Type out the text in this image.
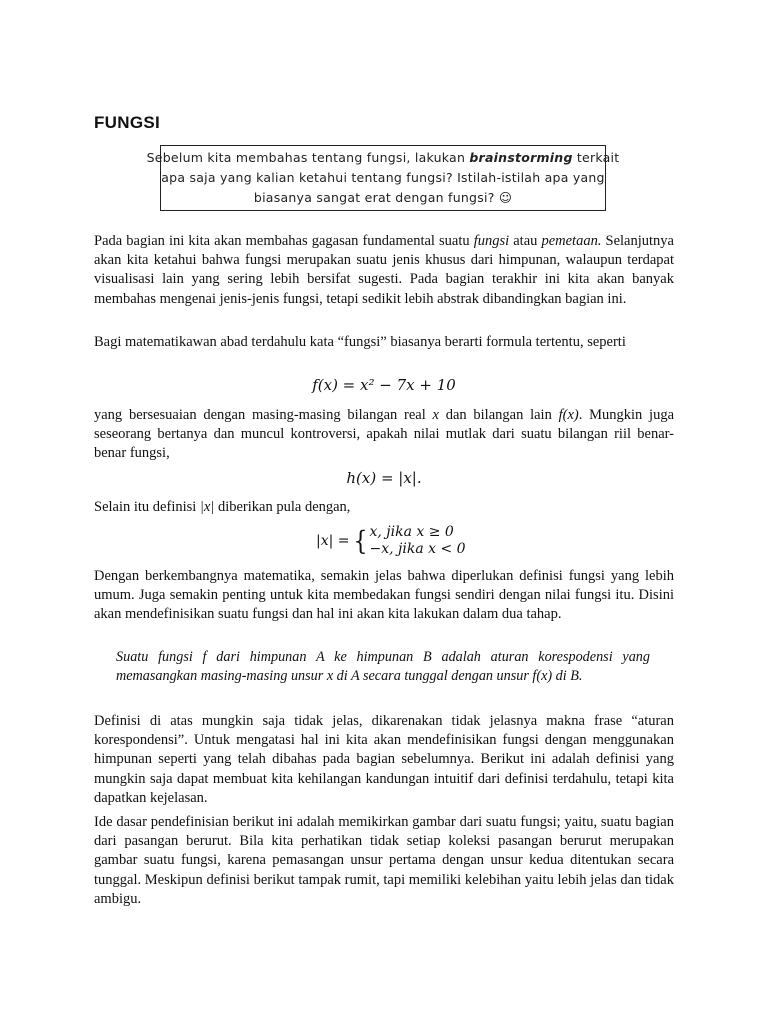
FUNGSI
Sebelum kita membahas tentang fungsi, lakukan brainstorming terkait
apa saja yang kalian ketahui tentang fungsi? Istilah-istilah apa yang
biasanya sangat erat dengan fungsi? ☺

Pada bagian ini kita akan membahas gagasan fundamental suatu fungsi atau pemetaan. Selanjutnya akan kita ketahui bahwa fungsi merupakan suatu jenis khusus dari himpunan, walaupun terdapat visualisasi lain yang sering lebih bersifat sugesti. Pada bagian terakhir ini kita akan banyak membahas mengenai jenis-jenis fungsi, tetapi sedikit lebih abstrak dibandingkan bagian ini.

Bagi matematikawan abad terdahulu kata “fungsi” biasanya berarti formula tertentu, seperti

f(x) = x² − 7x + 10

yang bersesuaian dengan masing-masing bilangan real x dan bilangan lain f(x). Mungkin juga seseorang bertanya dan muncul kontroversi, apakah nilai mutlak dari suatu bilangan riil benar-benar fungsi,

h(x) = |x|.

Selain itu definisi |x| diberikan pula dengan,

|x| = { x, jika x ≥ 0
−x, jika x < 0

Dengan berkembangnya matematika, semakin jelas bahwa diperlukan definisi fungsi yang lebih umum. Juga semakin penting untuk kita membedakan fungsi sendiri dengan nilai fungsi itu. Disini akan mendefinisikan suatu fungsi dan hal ini akan kita lakukan dalam dua tahap.

Suatu fungsi f dari himpunan A ke himpunan B adalah aturan korespodensi yang memasangkan masing-masing unsur x di A secara tunggal dengan unsur f(x) di B.

Definisi di atas mungkin saja tidak jelas, dikarenakan tidak jelasnya makna frase “aturan korespondensi”. Untuk mengatasi hal ini kita akan mendefinisikan fungsi dengan menggunakan himpunan seperti yang telah dibahas pada bagian sebelumnya. Berikut ini adalah definisi yang mungkin saja dapat membuat kita kehilangan kandungan intuitif dari definisi terdahulu, tetapi kita dapatkan kejelasan.

Ide dasar pendefinisian berikut ini adalah memikirkan gambar dari suatu fungsi; yaitu, suatu bagian dari pasangan berurut. Bila kita perhatikan tidak setiap koleksi pasangan berurut merupakan gambar suatu fungsi, karena pemasangan unsur pertama dengan unsur kedua ditentukan secara tunggal. Meskipun definisi berikut tampak rumit, tapi memiliki kelebihan yaitu lebih jelas dan tidak ambigu.
